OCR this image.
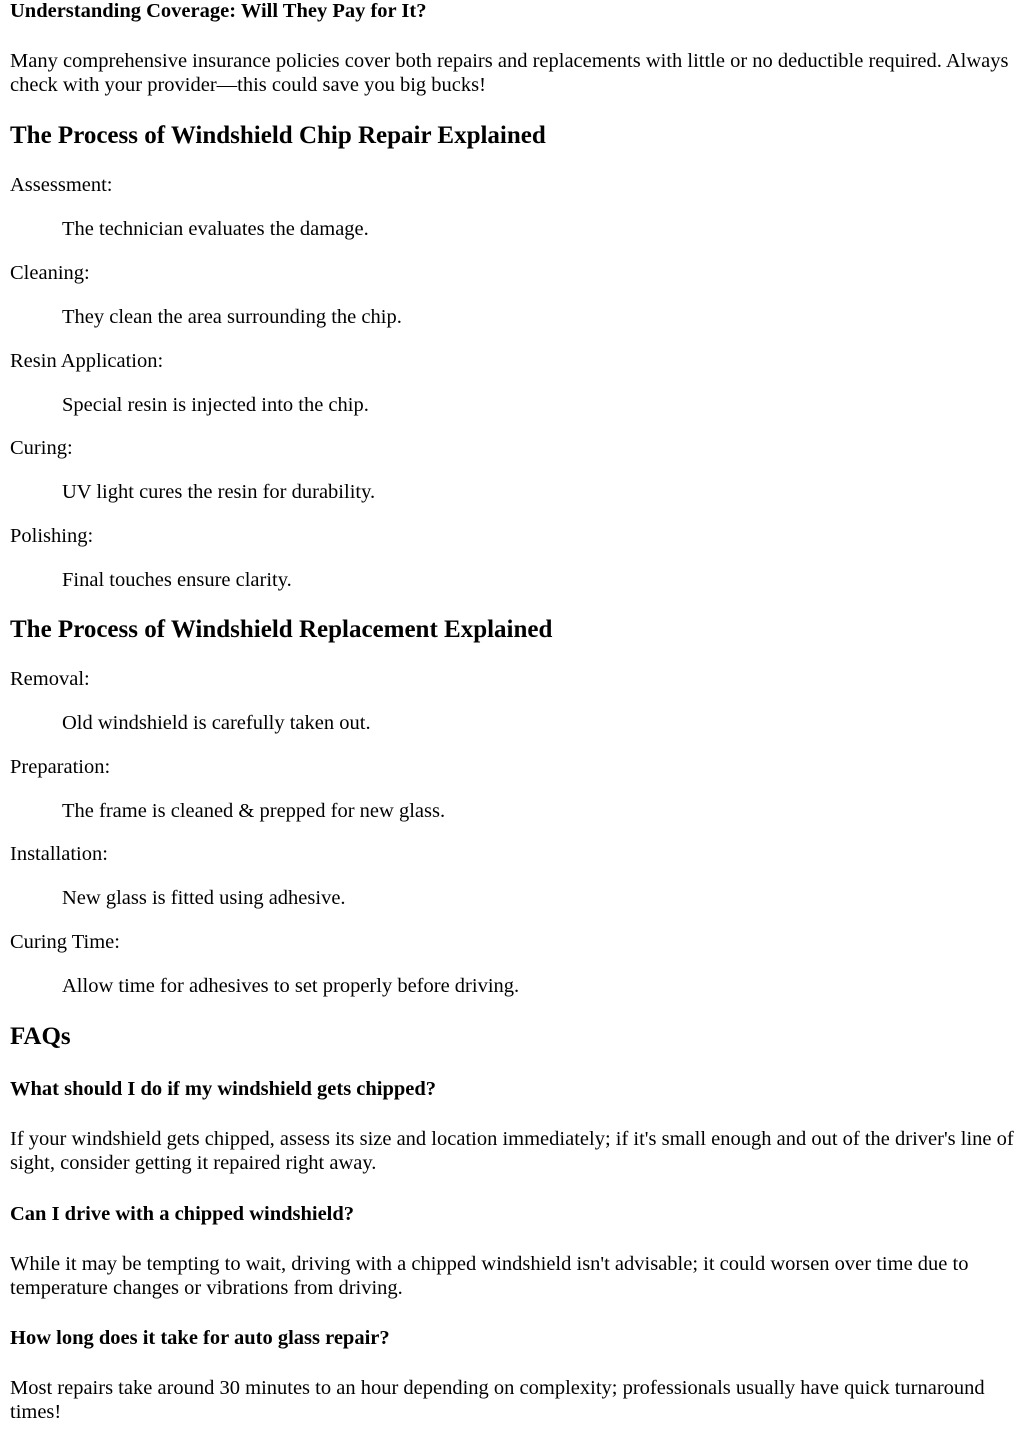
Understanding Coverage: Will They Pay for It?

Many comprehensive insurance policies cover both repairs and replacements with little or no deductible required. Always check with your provider—this could save you big bucks!

The Process of Windshield Chip Repair Explained
Assessment:
The technician evaluates the damage.
Cleaning:
They clean the area surrounding the chip.
Resin Application:
Special resin is injected into the chip.
Curing:
UV light cures the resin for durability.
Polishing:
Final touches ensure clarity.
The Process of Windshield Replacement Explained
Removal:
Old windshield is carefully taken out.
Preparation:
The frame is cleaned & prepped for new glass.
Installation:
New glass is fitted using adhesive.
Curing Time:
Allow time for adhesives to set properly before driving.
FAQs
What should I do if my windshield gets chipped?

If your windshield gets chipped, assess its size and location immediately; if it's small enough and out of the driver's line of sight, consider getting it repaired right away.

Can I drive with a chipped windshield?

While it may be tempting to wait, driving with a chipped windshield isn't advisable; it could worsen over time due to temperature changes or vibrations from driving.

How long does it take for auto glass repair?

Most repairs take around 30 minutes to an hour depending on complexity; professionals usually have quick turnaround times!
